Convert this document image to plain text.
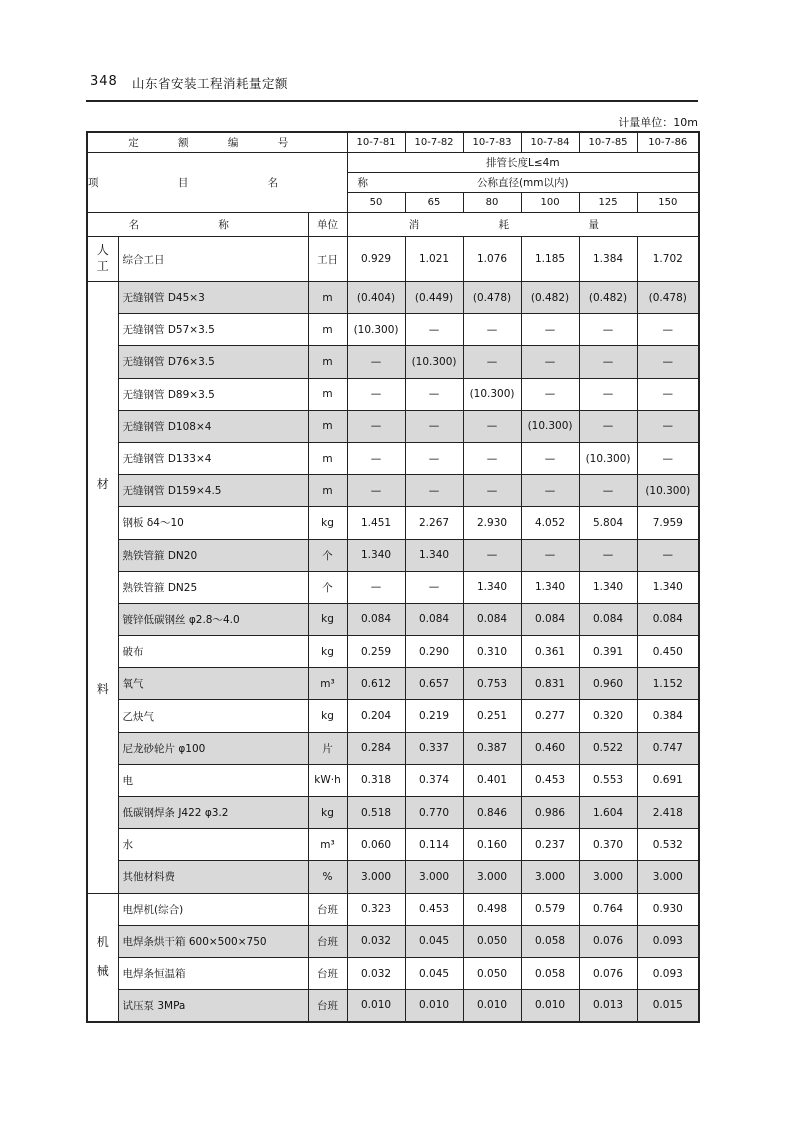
348 山东省安装工程消耗量定额
计量单位：10m
定 额 编 号			10-7-81	10-7-82	10-7-83	10-7-84	10-7-85	10-7-86
项 目 名 称			排管长度L≤4m					
			公称直径(mm以内)					
			50	65	80	100	125	150
名 称		单位	消 耗 量					

人
工	综合工日	工日	0.929	1.021	1.076	1.185	1.384	1.702

材
料	无缝钢管 D45×3	m	(0.404)	(0.449)	(0.478)	(0.482)	(0.482)	(0.478)
	无缝钢管 D57×3.5	m	(10.300)	—	—	—	—	—
	无缝钢管 D76×3.5	m	—	(10.300)	—	—	—	—
	无缝钢管 D89×3.5	m	—	—	(10.300)	—	—	—
	无缝钢管 D108×4	m	—	—	—	(10.300)	—	—
	无缝钢管 D133×4	m	—	—	—	—	(10.300)	—
	无缝钢管 D159×4.5	m	—	—	—	—	—	(10.300)
	钢板 δ4～10	kg	1.451	2.267	2.930	4.052	5.804	7.959
	熟铁管箍 DN20	个	1.340	1.340	—	—	—	—
	熟铁管箍 DN25	个	—	—	1.340	1.340	1.340	1.340
	镀锌低碳钢丝 φ2.8～4.0	kg	0.084	0.084	0.084	0.084	0.084	0.084
	破布	kg	0.259	0.290	0.310	0.361	0.391	0.450
	氧气	m³	0.612	0.657	0.753	0.831	0.960	1.152
	乙炔气	kg	0.204	0.219	0.251	0.277	0.320	0.384
	尼龙砂轮片 φ100	片	0.284	0.337	0.387	0.460	0.522	0.747
	电	kW·h	0.318	0.374	0.401	0.453	0.553	0.691
	低碳钢焊条 J422 φ3.2	kg	0.518	0.770	0.846	0.986	1.604	2.418
	水	m³	0.060	0.114	0.160	0.237	0.370	0.532
	其他材料费	%	3.000	3.000	3.000	3.000	3.000	3.000

机
械	电焊机(综合)	台班	0.323	0.453	0.498	0.579	0.764	0.930
	电焊条烘干箱 600×500×750	台班	0.032	0.045	0.050	0.058	0.076	0.093
	电焊条恒温箱	台班	0.032	0.045	0.050	0.058	0.076	0.093
	试压泵 3MPa	台班	0.010	0.010	0.010	0.010	0.013	0.015
